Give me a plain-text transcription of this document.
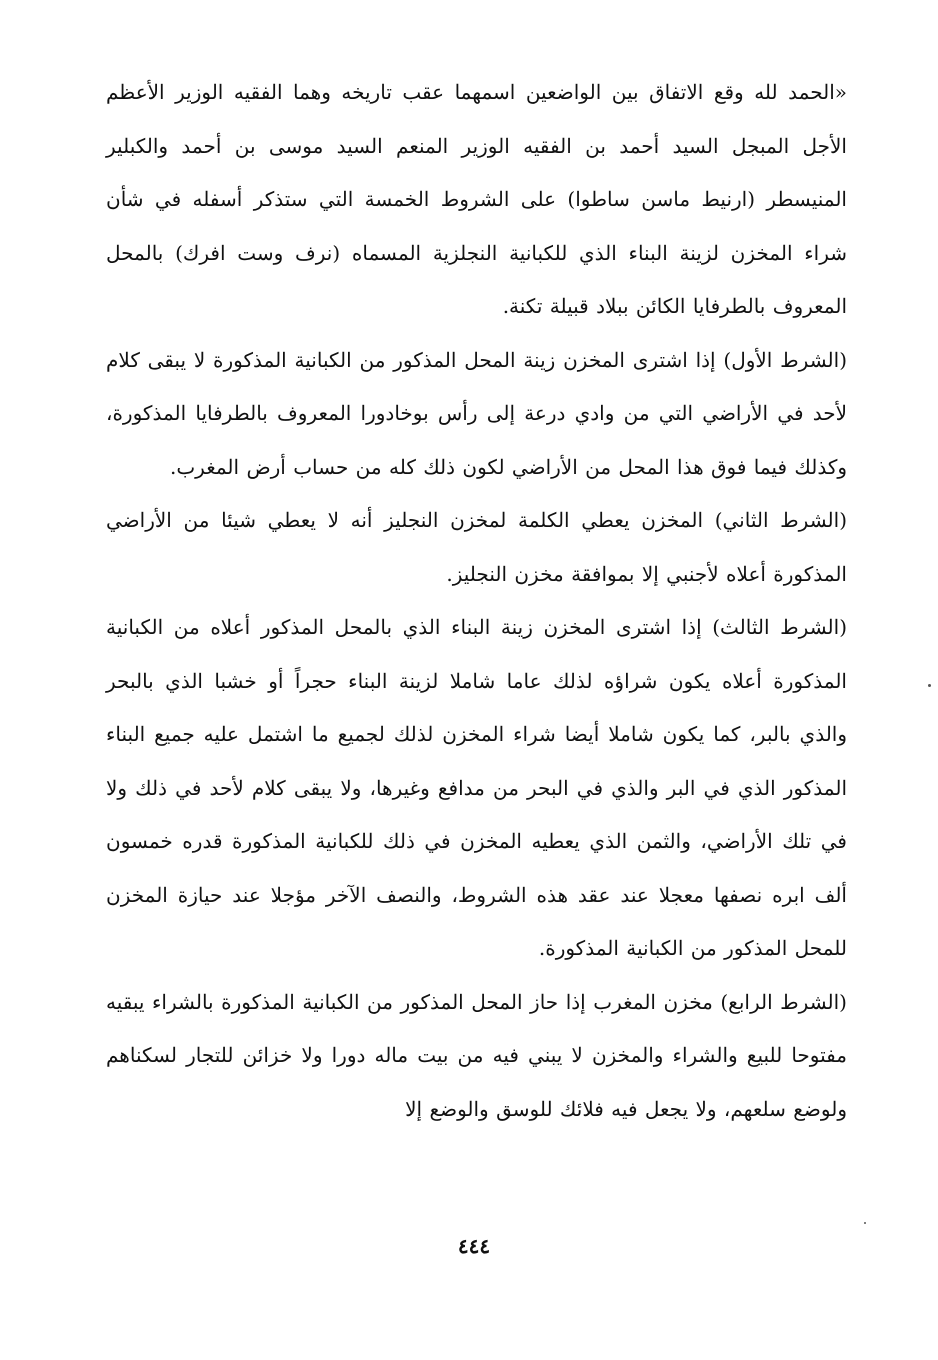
«الحمد لله وقع الاتفاق بين الواضعين اسمهما عقب تاريخه وهما الفقيه الوزير الأعظم الأجل المبجل السيد أحمد بن الفقيه الوزير المنعم السيد موسى بن أحمد والكبلير المنيسطر (ارنيط ماسن ساطوا) على الشروط الخمسة التي ستذكر أسفله في شأن شراء المخزن لزينة البناء الذي للكبانية النجلزية المسماه (نرف وست افرك) بالمحل المعروف بالطرفايا الكائن ببلاد قبيلة تكنة.

(الشرط الأول) إذا اشترى المخزن زينة المحل المذكور من الكبانية المذكورة لا يبقى كلام لأحد في الأراضي التي من وادي درعة إلى رأس بوخادورا المعروف بالطرفايا المذكورة، وكذلك فيما فوق هذا المحل من الأراضي لكون ذلك كله من حساب أرض المغرب.

(الشرط الثاني) المخزن يعطي الكلمة لمخزن النجليز أنه لا يعطي شيئا من الأراضي المذكورة أعلاه لأجنبي إلا بموافقة مخزن النجليز.

(الشرط الثالث) إذا اشترى المخزن زينة البناء الذي بالمحل المذكور أعلاه من الكبانية المذكورة أعلاه يكون شراؤه لذلك عاما شاملا لزينة البناء حجراً أو خشبا الذي بالبحر والذي بالبر، كما يكون شاملا أيضا شراء المخزن لذلك لجميع ما اشتمل عليه جميع البناء المذكور الذي في البر والذي في البحر من مدافع وغيرها، ولا يبقى كلام لأحد في ذلك ولا في تلك الأراضي، والثمن الذي يعطيه المخزن في ذلك للكبانية المذكورة قدره خمسون ألف ابره نصفها معجلا عند عقد هذه الشروط، والنصف الآخر مؤجلا عند حيازة المخزن للمحل المذكور من الكبانية المذكورة.

(الشرط الرابع) مخزن المغرب إذا حاز المحل المذكور من الكبانية المذكورة بالشراء يبقيه مفتوحا للبيع والشراء والمخزن لا يبني فيه من بيت ماله دورا ولا خزائن للتجار لسكناهم ولوضع سلعهم، ولا يجعل فيه فلائك للوسق والوضع إلا

٤٤٤
